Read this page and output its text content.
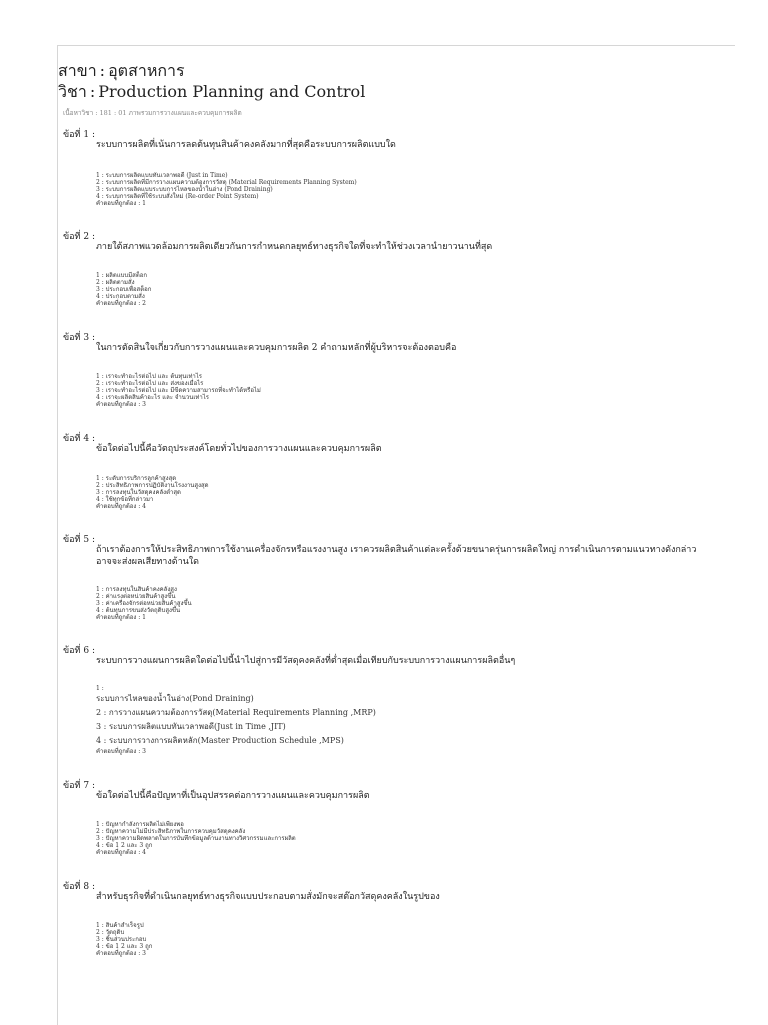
สาขา : อุตสาหการ
วิชา : Production Planning and Control
เนื้อหาวิชา : 181 : 01 ภาพรวมการวางแผนและควบคุมการผลิต
ข้อที่ 1 :
ระบบการผลิตที่เน้นการลดต้นทุนสินค้าคงคลังมากที่สุดคือระบบการผลิตแบบใด
1 : ระบบการผลิตแบบทันเวลาพอดี (Just in Time)
2 : ระบบการผลิตที่มีการวางแผนความต้องการวัสดุ (Material Requirements Planning System)
3 : ระบบการผลิตแบบระบบการไหลของน้ำในอ่าง (Pond Draining)
4 : ระบบการผลิตที่ใช้ระบบสั่งใหม่ (Re-order Point System)
คำตอบที่ถูกต้อง : 1
ข้อที่ 2 :
ภายใต้สภาพแวดล้อมการผลิตเดียวกันการกำหนดกลยุทธ์ทางธุรกิจใดที่จะทำให้ช่วงเวลานำยาวนานที่สุด
1 : ผลิตแบบมีสต็อก
2 : ผลิตตามสั่ง
3 : ประกอบเพื่อสต็อก
4 : ประกอบตามสั่ง
คำตอบที่ถูกต้อง : 2
ข้อที่ 3 :
ในการตัดสินใจเกี่ยวกับการวางแผนและควบคุมการผลิต 2 คำถามหลักที่ผู้บริหารจะต้องตอบคือ
1 : เราจะทำอะไรต่อไป และ ต้นทุนเท่าไร
2 : เราจะทำอะไรต่อไป และ ส่งของเมื่อไร
3 : เราจะทำอะไรต่อไป และ มีขีดความสามารถที่จะทำได้หรือไม่
4 : เราจะผลิตสินค้าอะไร และ จำนวนเท่าไร
คำตอบที่ถูกต้อง : 3
ข้อที่ 4 :
ข้อใดต่อไปนี้คือวัตถุประสงค์โดยทั่วไปของการวางแผนและควบคุมการผลิต
1 : ระดับการบริการลูกค้าสูงสุด
2 : ประสิทธิภาพการปฏิบัติงานโรงงานสูงสุด
3 : การลงทุนในวัสดุคงคลังต่ำสุด
4 : ใช้ทุกข้อที่กล่าวมา
คำตอบที่ถูกต้อง : 4
ข้อที่ 5 :
ถ้าเราต้องการให้ประสิทธิภาพการใช้งานเครื่องจักรหรือแรงงานสูง เราควรผลิตสินค้าแต่ละครั้งด้วยขนาดรุ่นการผลิตใหญ่ การดำเนินการตามแนวทางดังกล่าวอาจจะส่งผลเสียทางด้านใด
1 : การลงทุนในสินค้าคงคลังสูง
2 : ค่าแรงต่อหน่วยสินค้าสูงขึ้น
3 : ค่าเครื่องจักรต่อหน่วยสินค้าสูงขึ้น
4 : ต้นทุนการขนส่งวัตถุดิบสูงขึ้น
คำตอบที่ถูกต้อง : 1
ข้อที่ 6 :
ระบบการวางแผนการผลิตใดต่อไปนี้นำไปสู่การมีวัสดุคงคลังที่ต่ำสุดเมื่อเทียบกับระบบการวางแผนการผลิตอื่นๆ
1 :
ระบบการไหลของน้ำในอ่าง(Pond Draining)
2 : การวางแผนความต้องการวัสดุ(Material Requirements Planning ,MRP)
3 : ระบบการผลิตแบบทันเวลาพอดี(Just in Time ,JIT)
4 : ระบบการวางการผลิตหลัก(Master Production Schedule ,MPS)
คำตอบที่ถูกต้อง : 3
ข้อที่ 7 :
ข้อใดต่อไปนี้คือปัญหาที่เป็นอุปสรรคต่อการวางแผนและควบคุมการผลิต
1 : ปัญหากำลังการผลิตไม่เพียงพอ
2 : ปัญหาความไม่มีประสิทธิภาพในการควบคุมวัสดุคงคลัง
3 : ปัญหาความผิดพลาดในการบันทึกข้อมูลด้านงานทางวิศวกรรมและการผลิต
4 : ข้อ 1 2 และ 3 ถูก
คำตอบที่ถูกต้อง : 4
ข้อที่ 8 :
สำหรับธุรกิจที่ดำเนินกลยุทธ์ทางธุรกิจแบบประกอบตามสั่งมักจะสต๊อกวัสดุคงคลังในรูปของ
1 : สินค้าสำเร็จรูป
2 : วัตถุดิบ
3 : ชิ้นส่วนประกอบ
4 : ข้อ 1 2 และ 3 ถูก
คำตอบที่ถูกต้อง : 3
